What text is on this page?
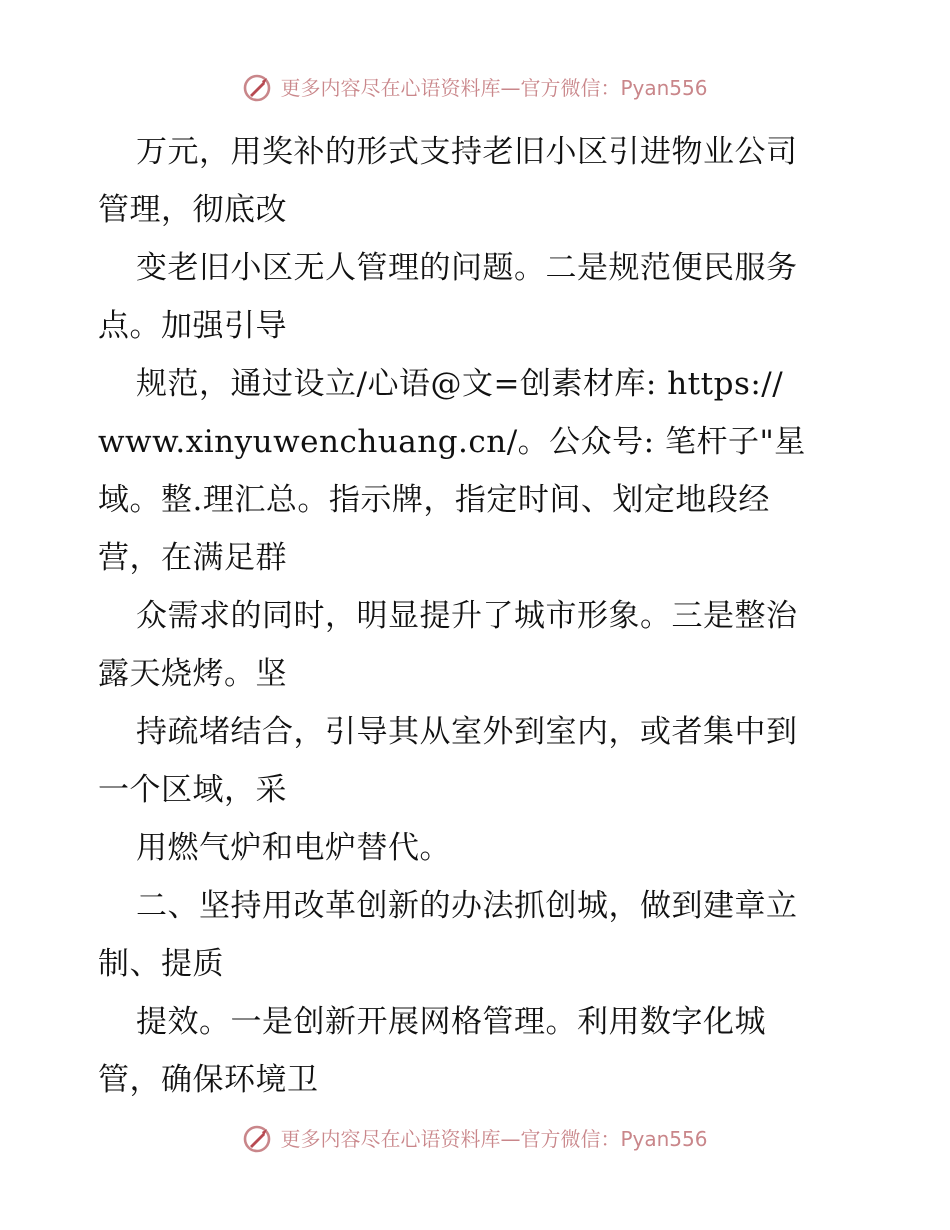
更多内容尽在心语资料库—官方微信：Pyan556
万元，用奖补的形式支持老旧小区引进物业公司
管理，彻底改
变老旧小区无人管理的问题。二是规范便民服务
点。加强引导
规范，通过设立/心语@文=创素材库: https://
www.xinyuwenchuang.cn/。公众号: 笔杆子"星
域。整.理汇总。指示牌，指定时间、划定地段经
营，在满足群
众需求的同时，明显提升了城市形象。三是整治
露天烧烤。坚
持疏堵结合，引导其从室外到室内，或者集中到
一个区域，采
用燃气炉和电炉替代。
二、坚持用改革创新的办法抓创城，做到建章立
制、提质
提效。一是创新开展网格管理。利用数字化城
管，确保环境卫
更多内容尽在心语资料库—官方微信：Pyan556
